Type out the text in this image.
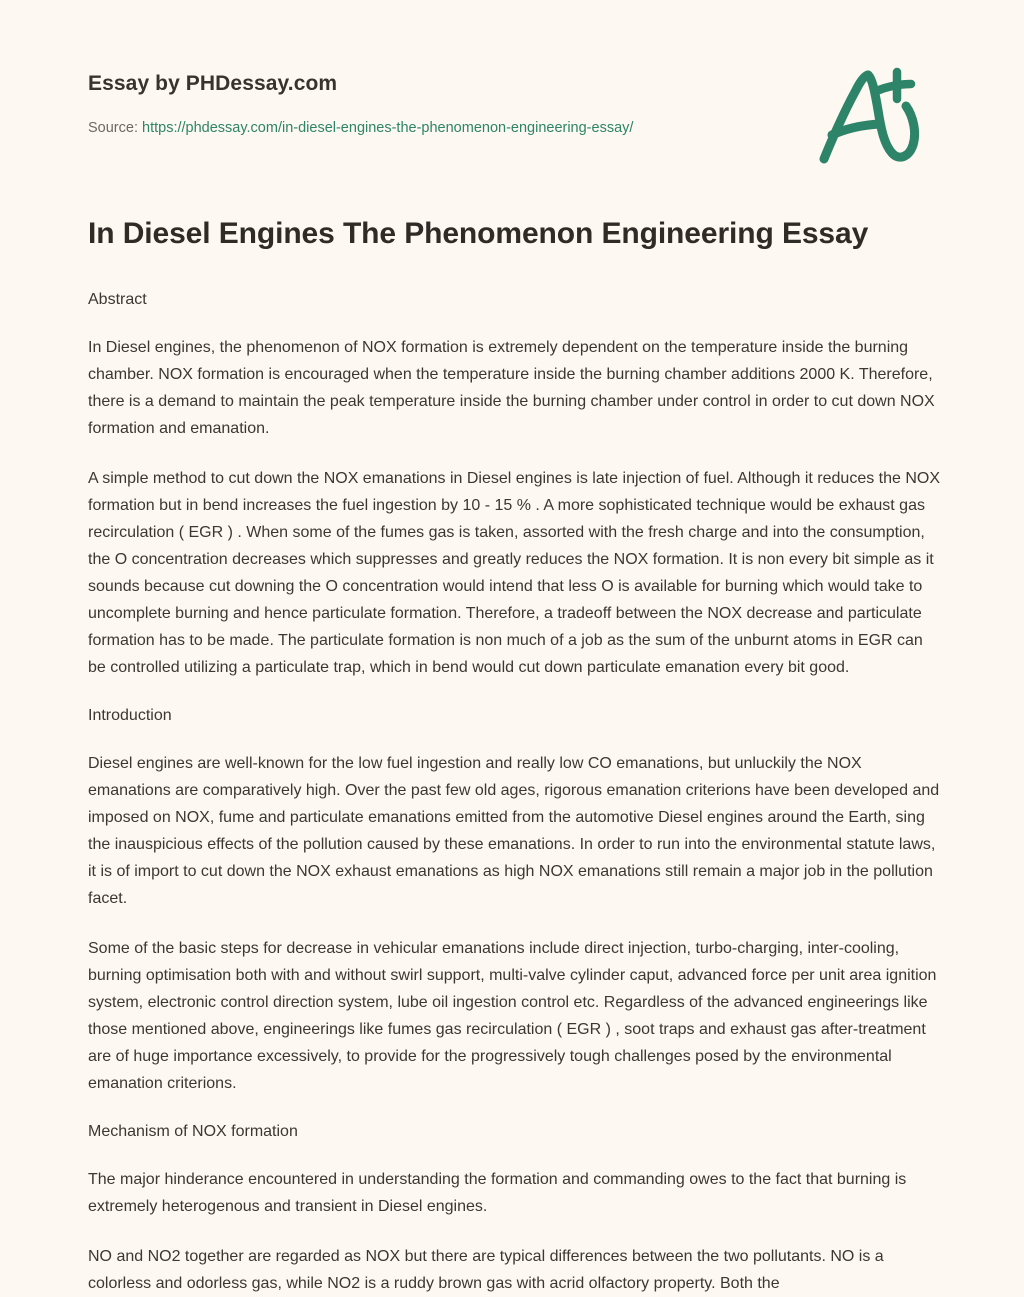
Essay by PHDessay.com
Source: https://phdessay.com/in-diesel-engines-the-phenomenon-engineering-essay/
In Diesel Engines The Phenomenon Engineering Essay
Abstract

In Diesel engines, the phenomenon of NOX formation is extremely dependent on the temperature inside the burning chamber. NOX formation is encouraged when the temperature inside the burning chamber additions 2000 K. Therefore, there is a demand to maintain the peak temperature inside the burning chamber under control in order to cut down NOX formation and emanation.

A simple method to cut down the NOX emanations in Diesel engines is late injection of fuel. Although it reduces the NOX formation but in bend increases the fuel ingestion by 10 - 15 % . A more sophisticated technique would be exhaust gas recirculation ( EGR ) . When some of the fumes gas is taken, assorted with the fresh charge and into the consumption, the O concentration decreases which suppresses and greatly reduces the NOX formation. It is non every bit simple as it sounds because cut downing the O concentration would intend that less O is available for burning which would take to uncomplete burning and hence particulate formation. Therefore, a tradeoff between the NOX decrease and particulate formation has to be made. The particulate formation is non much of a job as the sum of the unburnt atoms in EGR can be controlled utilizing a particulate trap, which in bend would cut down particulate emanation every bit good.

Introduction

Diesel engines are well-known for the low fuel ingestion and really low CO emanations, but unluckily the NOX emanations are comparatively high. Over the past few old ages, rigorous emanation criterions have been developed and imposed on NOX, fume and particulate emanations emitted from the automotive Diesel engines around the Earth, sing the inauspicious effects of the pollution caused by these emanations. In order to run into the environmental statute laws, it is of import to cut down the NOX exhaust emanations as high NOX emanations still remain a major job in the pollution facet.

Some of the basic steps for decrease in vehicular emanations include direct injection, turbo-charging, inter-cooling, burning optimisation both with and without swirl support, multi-valve cylinder caput, advanced force per unit area ignition system, electronic control direction system, lube oil ingestion control etc. Regardless of the advanced engineerings like those mentioned above, engineerings like fumes gas recirculation ( EGR ) , soot traps and exhaust gas after-treatment are of huge importance excessively, to provide for the progressively tough challenges posed by the environmental emanation criterions.

Mechanism of NOX formation

The major hinderance encountered in understanding the formation and commanding owes to the fact that burning is extremely heterogenous and transient in Diesel engines.

NO and NO2 together are regarded as NOX but there are typical differences between the two pollutants. NO is a colorless and odorless gas, while NO2 is a ruddy brown gas with acrid olfactory property. Both the
